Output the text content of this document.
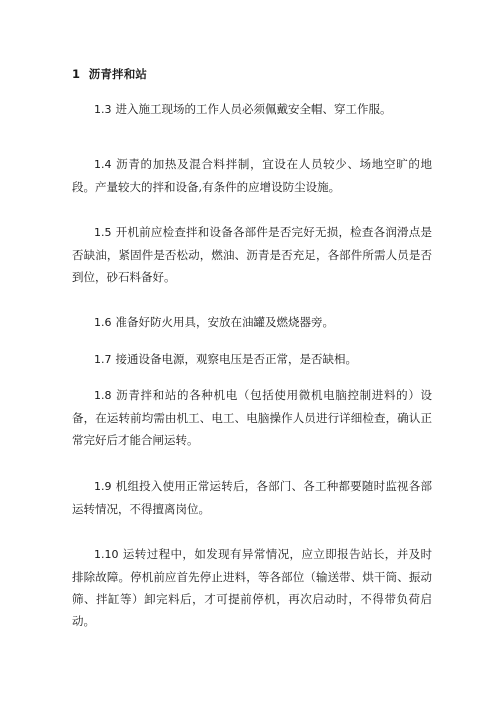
1 沥青拌和站

1.3 进入施工现场的工作人员必须佩戴安全帽、穿工作服。

1.4 沥青的加热及混合料拌制，宜设在人员较少、场地空旷的地段。产量较大的拌和设备,有条件的应增设防尘设施。

1.5 开机前应检查拌和设备各部件是否完好无损，检查各润滑点是否缺油，紧固件是否松动，燃油、沥青是否充足，各部件所需人员是否到位，砂石料备好。

1.6 准备好防火用具，安放在油罐及燃烧器旁。

1.7 接通设备电源，观察电压是否正常，是否缺相。

1.8 沥青拌和站的各种机电（包括使用微机电脑控制进料的）设备，在运转前均需由机工、电工、电脑操作人员进行详细检查，确认正常完好后才能合闸运转。

1.9 机组投入使用正常运转后，各部门、各工种都要随时监视各部运转情况，不得擅离岗位。

1.10 运转过程中，如发现有异常情况，应立即报告站长，并及时排除故障。停机前应首先停止进料，等各部位（输送带、烘干筒、振动筛、拌缸等）卸完料后，才可提前停机，再次启动时，不得带负荷启动。
